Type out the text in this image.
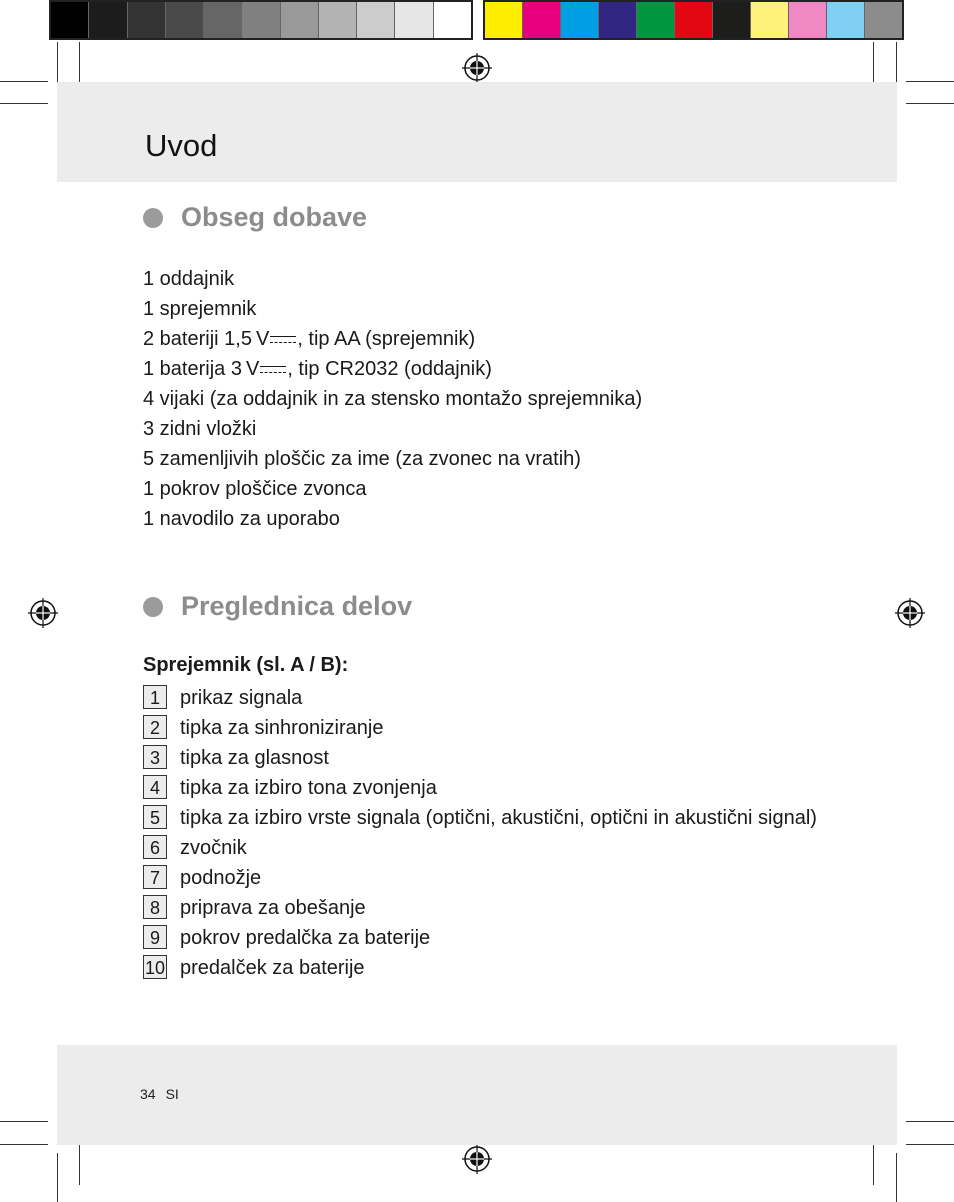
Uvod
Obseg dobave
1 oddajnik
1 sprejemnik
2 bateriji 1,5 V , tip AA (sprejemnik)
1 baterija 3 V , tip CR2032 (oddajnik)
4 vijaki (za oddajnik in za stensko montažo sprejemnika)
3 zidni vložki
5 zamenljivih ploščic za ime (za zvonec na vratih)
1 pokrov ploščice zvonca
1 navodilo za uporabo
Preglednica delov

Sprejemnik (sl. A / B):

1	prikaz signala
2	tipka za sinhroniziranje
3	tipka za glasnost
4	tipka za izbiro tona zvonjenja
5	tipka za izbiro vrste signala (optični, akustični, optični in akustični signal)
6	zvočnik
7	podnožje
8	priprava za obešanje
9	pokrov predalčka za baterije
10 predalček za baterije

34 SI
